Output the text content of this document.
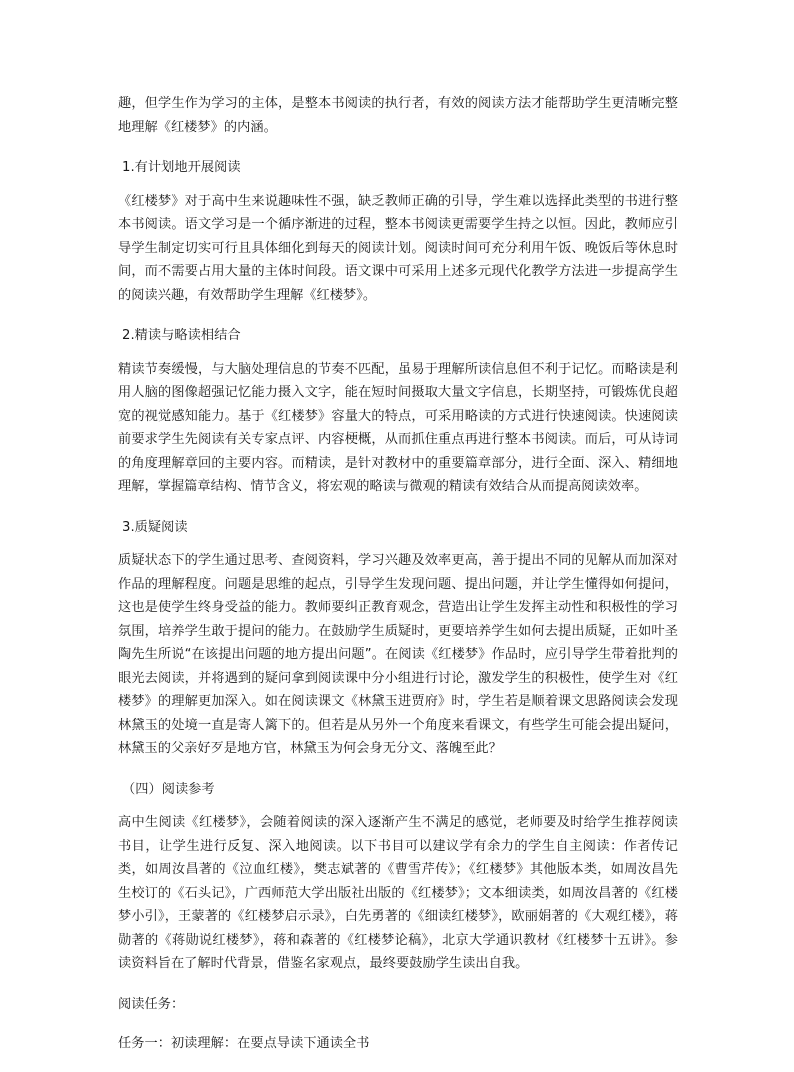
趣，但学生作为学习的主体，是整本书阅读的执行者，有效的阅读方法才能帮助学生更清晰完整地理解《红楼梦》的内涵。

1.有计划地开展阅读

《红楼梦》对于高中生来说趣味性不强，缺乏教师正确的引导，学生难以选择此类型的书进行整本书阅读。语文学习是一个循序渐进的过程，整本书阅读更需要学生持之以恒。因此，教师应引导学生制定切实可行且具体细化到每天的阅读计划。阅读时间可充分利用午饭、晚饭后等休息时间，而不需要占用大量的主体时间段。语文课中可采用上述多元现代化教学方法进一步提高学生的阅读兴趣，有效帮助学生理解《红楼梦》。

2.精读与略读相结合

精读节奏缓慢，与大脑处理信息的节奏不匹配，虽易于理解所读信息但不利于记忆。而略读是利用人脑的图像超强记忆能力摄入文字，能在短时间摄取大量文字信息，长期坚持，可锻炼优良超宽的视觉感知能力。基于《红楼梦》容量大的特点，可采用略读的方式进行快速阅读。快速阅读前要求学生先阅读有关专家点评、内容梗概，从而抓住重点再进行整本书阅读。而后，可从诗词的角度理解章回的主要内容。而精读，是针对教材中的重要篇章部分，进行全面、深入、精细地理解，掌握篇章结构、情节含义，将宏观的略读与微观的精读有效结合从而提高阅读效率。

3.质疑阅读

质疑状态下的学生通过思考、查阅资料，学习兴趣及效率更高，善于提出不同的见解从而加深对作品的理解程度。问题是思维的起点，引导学生发现问题、提出问题，并让学生懂得如何提问，这也是使学生终身受益的能力。教师要纠正教育观念，营造出让学生发挥主动性和积极性的学习氛围，培养学生敢于提问的能力。在鼓励学生质疑时，更要培养学生如何去提出质疑，正如叶圣陶先生所说“在该提出问题的地方提出问题”。在阅读《红楼梦》作品时，应引导学生带着批判的眼光去阅读，并将遇到的疑问拿到阅读课中分小组进行讨论，激发学生的积极性，使学生对《红楼梦》的理解更加深入。如在阅读课文《林黛玉进贾府》时，学生若是顺着课文思路阅读会发现林黛玉的处境一直是寄人篱下的。但若是从另外一个角度来看课文，有些学生可能会提出疑问，林黛玉的父亲好歹是地方官，林黛玉为何会身无分文、落魄至此？

（四）阅读参考

高中生阅读《红楼梦》，会随着阅读的深入逐渐产生不满足的感觉，老师要及时给学生推荐阅读书目，让学生进行反复、深入地阅读。以下书目可以建议学有余力的学生自主阅读：作者传记类，如周汝昌著的《泣血红楼》，樊志斌著的《曹雪芹传》；《红楼梦》其他版本类，如周汝昌先生校订的《石头记》，广西师范大学出版社出版的《红楼梦》；文本细读类，如周汝昌著的《红楼梦小引》，王蒙著的《红楼梦启示录》，白先勇著的《细读红楼梦》，欧丽娟著的《大观红楼》，蒋勋著的《蒋勋说红楼梦》，蒋和森著的《红楼梦论稿》，北京大学通识教材《红楼梦十五讲》。参读资料旨在了解时代背景，借鉴名家观点，最终要鼓励学生读出自我。

阅读任务：
任务一：初读理解：在要点导读下通读全书
